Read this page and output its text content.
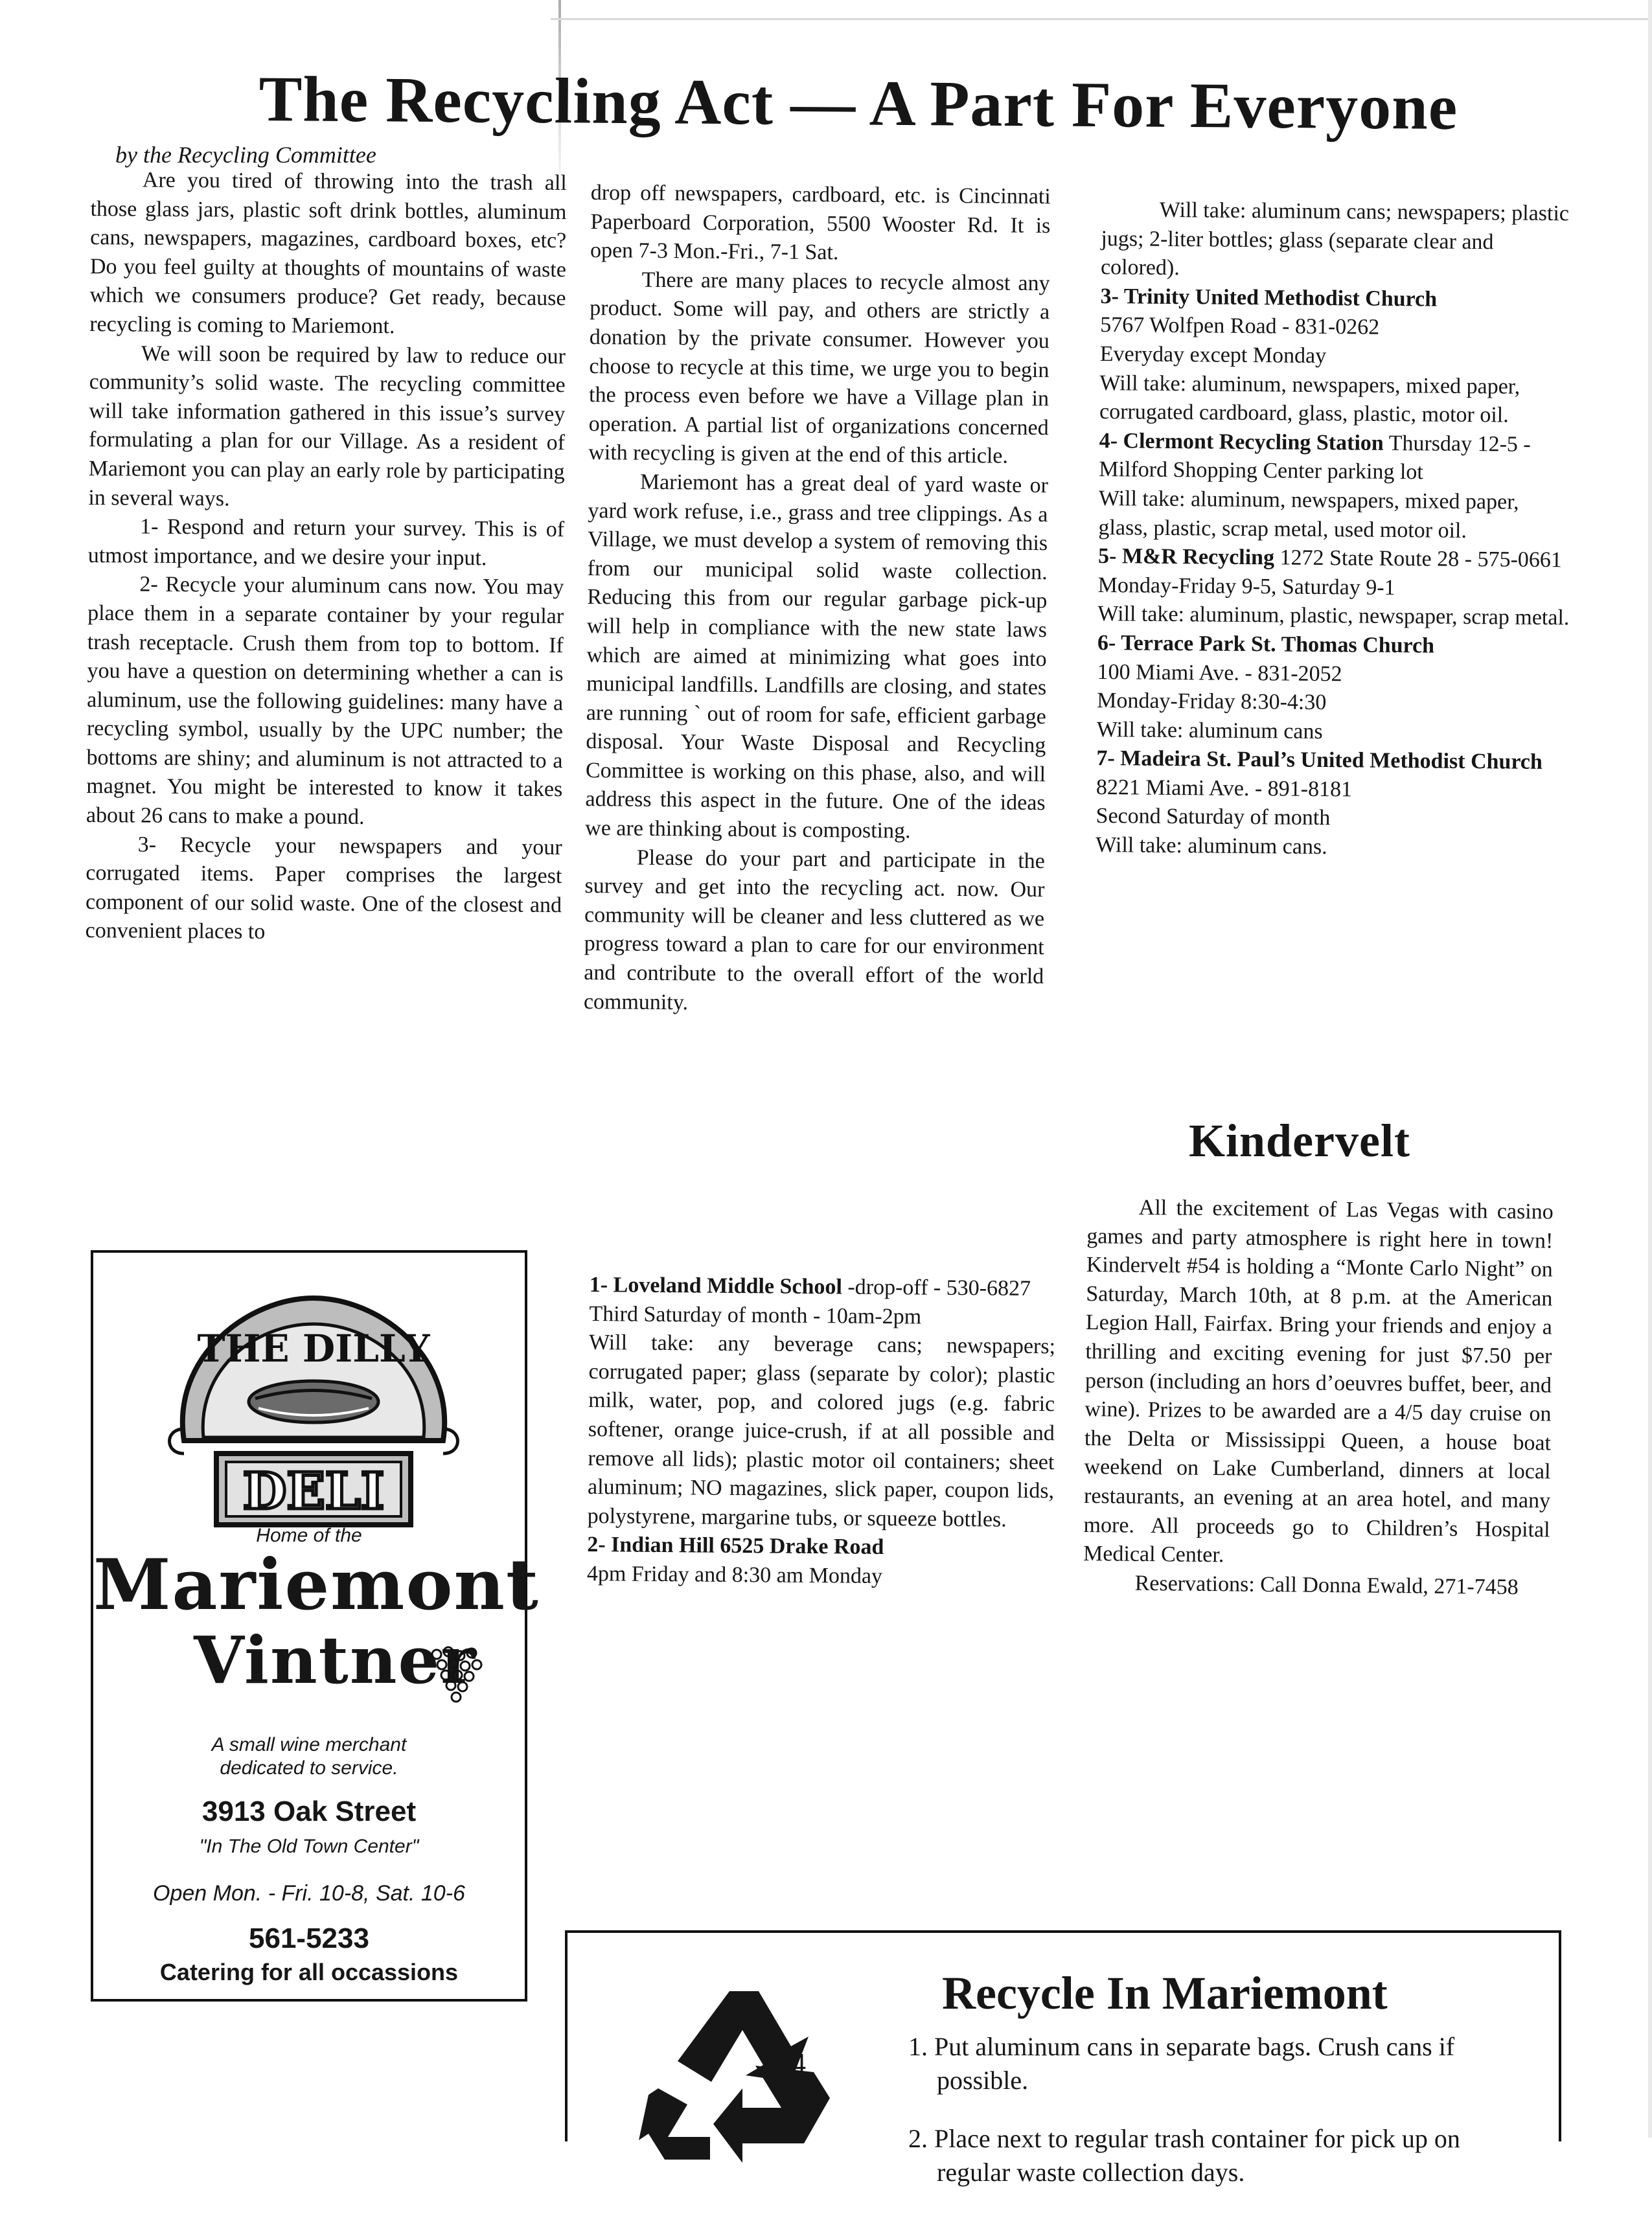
The Recycling Act — A Part For Everyone
by the Recycling Committee

Are you tired of throwing into the trash all those glass jars, plastic soft drink bottles, aluminum cans, newspapers, magazines, cardboard boxes, etc? Do you feel guilty at thoughts of mountains of waste which we consumers produce? Get ready, because recycling is coming to Mariemont.

We will soon be required by law to reduce our community’s solid waste. The recycling committee will take information gathered in this issue’s survey formulating a plan for our Village. As a resident of Mariemont you can play an early role by participating in several ways.

1- Respond and return your survey. This is of utmost importance, and we desire your input.

2- Recycle your aluminum cans now. You may place them in a separate container by your regular trash receptacle. Crush them from top to bottom. If you have a question on determining whether a can is aluminum, use the following guidelines: many have a recycling symbol, usually by the UPC number; the bottoms are shiny; and aluminum is not attracted to a magnet. You might be interested to know it takes about 26 cans to make a pound.

3- Recycle your newspapers and your corrugated items. Paper comprises the largest component of our solid waste. One of the closest and convenient places to

drop off newspapers, cardboard, etc. is Cincinnati Paperboard Corporation, 5500 Wooster Rd. It is open 7-3 Mon.-Fri., 7-1 Sat.

There are many places to recycle almost any product. Some will pay, and others are strictly a donation by the private consumer. However you choose to recycle at this time, we urge you to begin the process even before we have a Village plan in operation. A partial list of organizations concerned with recycling is given at the end of this article.

Mariemont has a great deal of yard waste or yard work refuse, i.e., grass and tree clippings. As a Village, we must develop a system of removing this from our municipal solid waste collection. Reducing this from our regular garbage pick-up will help in compliance with the new state laws which are aimed at minimizing what goes into municipal landfills. Landfills are closing, and states are running ` out of room for safe, efficient garbage disposal. Your Waste Disposal and Recycling Committee is working on this phase, also, and will address this aspect in the future. One of the ideas we are thinking about is composting.

Please do your part and participate in the survey and get into the recycling act. now. Our community will be cleaner and less cluttered as we progress toward a plan to care for our environment and contribute to the overall effort of the world community.

1- Loveland Middle School -drop-off - 530-6827

Third Saturday of month - 10am-2pm

Will take: any beverage cans; newspapers; corrugated paper; glass (separate by color); plastic milk, water, pop, and colored jugs (e.g. fabric softener, orange juice-crush, if at all possible and remove all lids); plastic motor oil containers; sheet aluminum; NO magazines, slick paper, coupon lids, polystyrene, margarine tubs, or squeeze bottles.

2- Indian Hill 6525 Drake Road

4pm Friday and 8:30 am Monday

Will take: aluminum cans; newspapers; plastic jugs; 2-liter bottles; glass (separate clear and colored).

3- Trinity United Methodist Church

5767 Wolfpen Road - 831-0262

Everyday except Monday

Will take: aluminum, newspapers, mixed paper, corrugated cardboard, glass, plastic, motor oil.

4- Clermont Recycling Station Thursday 12-5 - Milford Shopping Center parking lot

Will take: aluminum, newspapers, mixed paper, glass, plastic, scrap metal, used motor oil.

5- M&R Recycling 1272 State Route 28 - 575-0661

Monday-Friday 9-5, Saturday 9-1

Will take: aluminum, plastic, newspaper, scrap metal.

6- Terrace Park St. Thomas Church

100 Miami Ave. - 831-2052

Monday-Friday 8:30-4:30

Will take: aluminum cans

7- Madeira St. Paul’s United Methodist Church 8221 Miami Ave. - 891-8181

Second Saturday of month

Will take: aluminum cans.

Kindervelt

All the excitement of Las Vegas with casino games and party atmosphere is right here in town! Kindervelt #54 is holding a “Monte Carlo Night” on Saturday, March 10th, at 8 p.m. at the American Legion Hall, Fairfax. Bring your friends and enjoy a thrilling and exciting evening for just $7.50 per person (including an hors d’oeuvres buffet, beer, and wine). Prizes to be awarded are a 4/5 day cruise on the Delta or Mississippi Queen, a house boat weekend on Lake Cumberland, dinners at local restaurants, an evening at an area hotel, and many more. All proceeds go to Children’s Hospital Medical Center.

Reservations: Call Donna Ewald, 271-7458

THE DILLY
DELI
Home of the
Mariemont
Vintner
A small wine merchant
dedicated to service.
3913 Oak Street
"In The Old Town Center"
Open Mon. - Fri. 10-8, Sat. 10-6
561-5233
Catering for all occassions	Recycle In Mariemont
1. Put aluminum cans in separate bags. Crush cans if possible.
2. Place next to regular trash container for pick up on regular waste collection days.
4
